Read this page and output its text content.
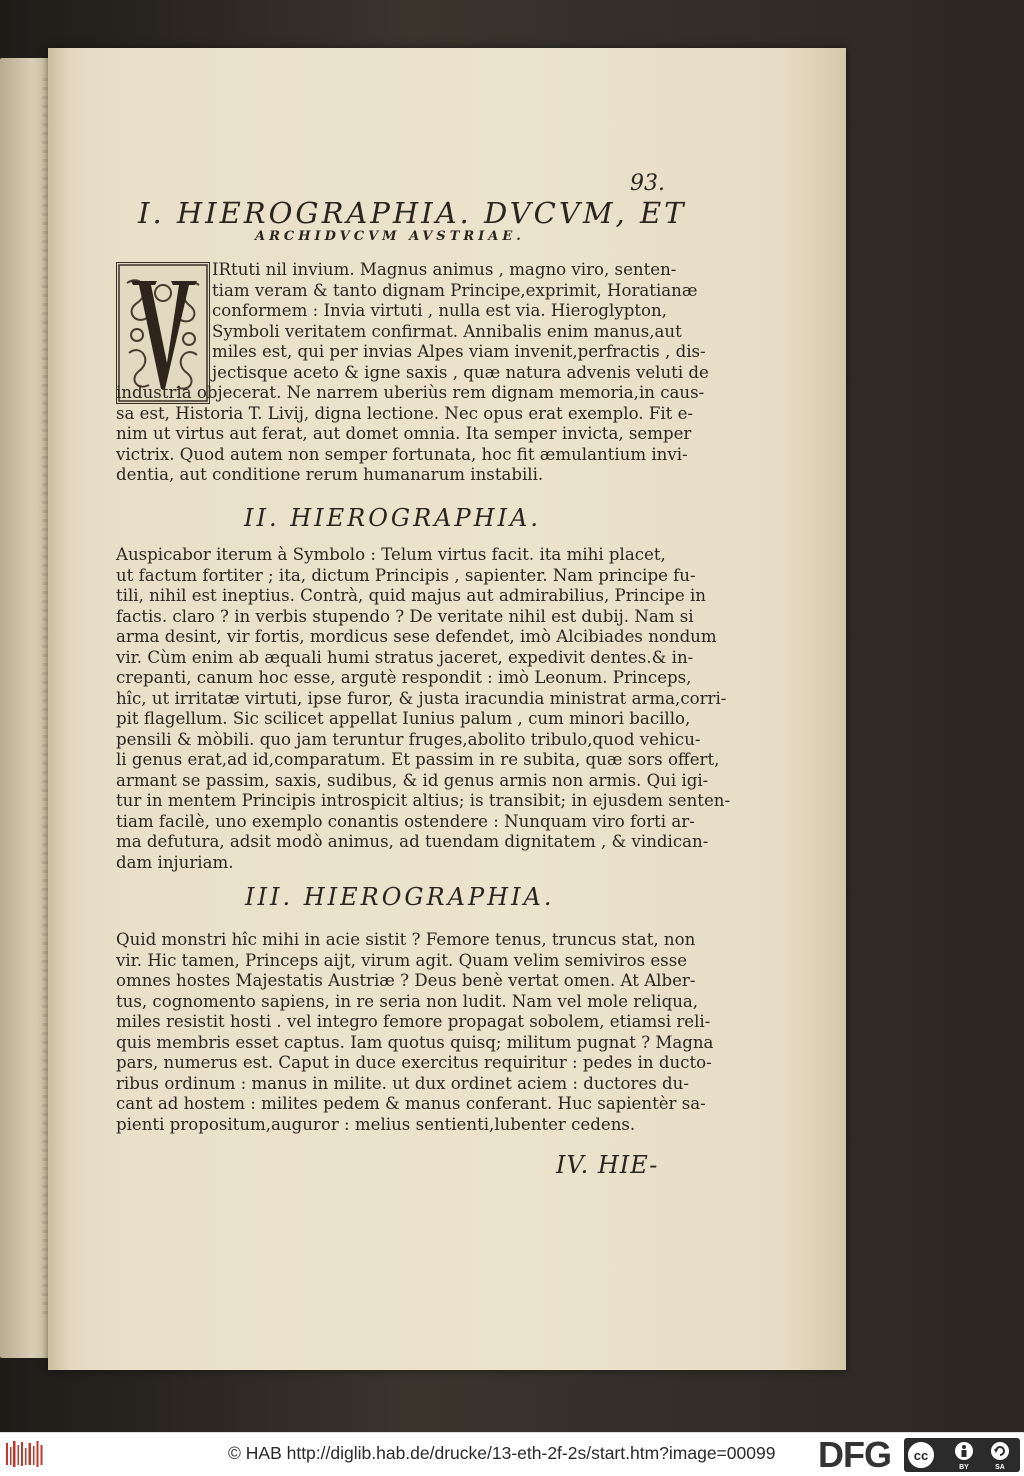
93.
I. HIEROGRAPHIA. DVCVM, ET
ARCHIDVCVM AVSTRIAE.
IRtuti nil invium. Magnus animus , magno viro, senten-
tiam veram & tanto dignam Principe,exprimit, Horatianæ
conformem : Invia virtuti , nulla est via. Hieroglypton,
Symboli veritatem confirmat. Annibalis enim manus,aut
miles est, qui per invias Alpes viam invenit,perfractis , dis-
jectisque aceto & igne saxis , quæ natura advenis veluti de
industria objecerat. Ne narrem uberiùs rem dignam memoria,in caus-
sa est, Historia T. Livij, digna lectione. Nec opus erat exemplo. Fit e-
nim ut virtus aut ferat, aut domet omnia. Ita semper invicta, semper
victrix. Quod autem non semper fortunata, hoc fit æmulantium invi-
dentia, aut conditione rerum humanarum instabili.
II. HIEROGRAPHIA.
Auspicabor iterum à Symbolo : Telum virtus facit. ita mihi placet,
ut factum fortiter ; ita, dictum Principis , sapienter. Nam principe fu-
tili, nihil est ineptius. Contrà, quid majus aut admirabilius, Principe in
factis. claro ? in verbis stupendo ? De veritate nihil est dubij. Nam si
arma desint, vir fortis, mordicus sese defendet, imò Alcibiades nondum
vir. Cùm enim ab æquali humi stratus jaceret, expedivit dentes.& in-
crepanti, canum hoc esse, argutè respondit : imò Leonum. Princeps,
hîc, ut irritatæ virtuti, ipse furor, & justa iracundia ministrat arma,corri-
pit flagellum. Sic scilicet appellat Iunius palum , cum minori bacillo,
pensili & mòbili. quo jam teruntur fruges,abolito tribulo,quod vehicu-
li genus erat,ad id,comparatum. Et passim in re subita, quæ sors offert,
armant se passim, saxis, sudibus, & id genus armis non armis. Qui igi-
tur in mentem Principis introspicit altius; is transibit; in ejusdem senten-
tiam facilè, uno exemplo conantis ostendere : Nunquam viro forti ar-
ma defutura, adsit modò animus, ad tuendam dignitatem , & vindican-
dam injuriam.
III. HIEROGRAPHIA.
Quid monstri hîc mihi in acie sistit ? Femore tenus, truncus stat, non
vir. Hic tamen, Princeps aijt, virum agit. Quam velim semiviros esse
omnes hostes Majestatis Austriæ ? Deus benè vertat omen. At Alber-
tus, cognomento sapiens, in re seria non ludit. Nam vel mole reliqua,
miles resistit hosti . vel integro femore propagat sobolem, etiamsi reli-
quis membris esset captus. Iam quotus quisq; militum pugnat ? Magna
pars, numerus est. Caput in duce exercitus requiritur : pedes in ducto-
ribus ordinum : manus in milite. ut dux ordinet aciem : ductores du-
cant ad hostem : milites pedem & manus conferant. Huc sapientèr sa-
pienti propositum,auguror : melius sentienti,lubenter cedens.
IV. HIE-
© HAB http://diglib.hab.de/drucke/13-eth-2f-2s/start.htm?image=00099 DFG cc
BY	SA
